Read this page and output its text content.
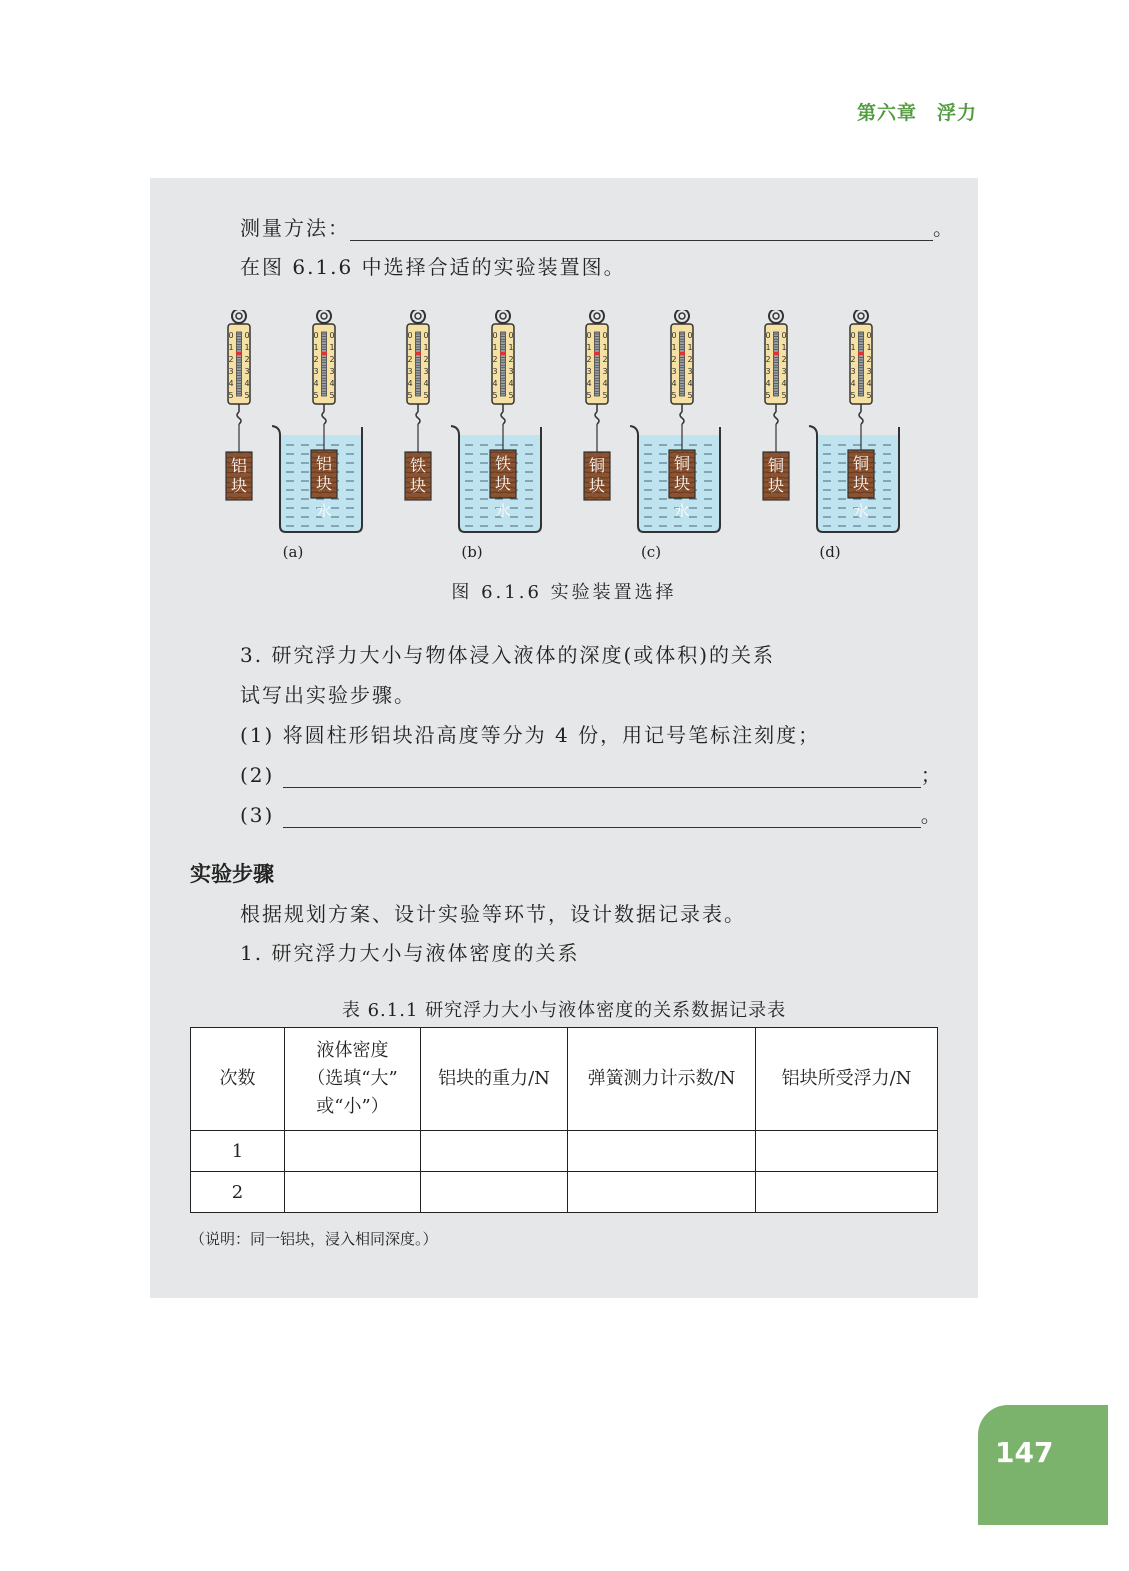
第六章 浮力
测量方法：	。
在图 6.1.6 中选择合适的实验装置图。
0 0
1 1
2 2
3 3
4 4
5 5
铝
块
水
0 0
1 1
2 2
3 3
4 4
5 5
铝
块
(a)
0 0
1 1
2 2
3 3
4 4
5 5
铁
块
水
0 0
1 1
2 2
3 3
4 4
5 5
铁
块
(b)
0 0
1 1
2 2
3 3
4 4
5 5
铜
块
水
0 0
1 1
2 2
3 3
4 4
5 5
铜
块
(c)
0 0
1 1
2 2
3 3
4 4
5 5
铜
块
水
0 0
1 1
2 2
3 3
4 4
5 5
铜
块
(d)
图 6.1.6 实验装置选择
3. 研究浮力大小与物体浸入液体的深度(或体积)的关系
试写出实验步骤。
(1) 将圆柱形铝块沿高度等分为 4 份，用记号笔标注刻度；
(2)	；
(3)	。
实验步骤
根据规划方案、设计实验等环节，设计数据记录表。
1. 研究浮力大小与液体密度的关系
表 6.1.1 研究浮力大小与液体密度的关系数据记录表
次数	液体密度
（选填“大”
或“小”）	铝块的重力/N	弹簧测力计示数/N	铝块所受浮力/N
1				
2				
（说明：同一铝块，浸入相同深度。）
147
